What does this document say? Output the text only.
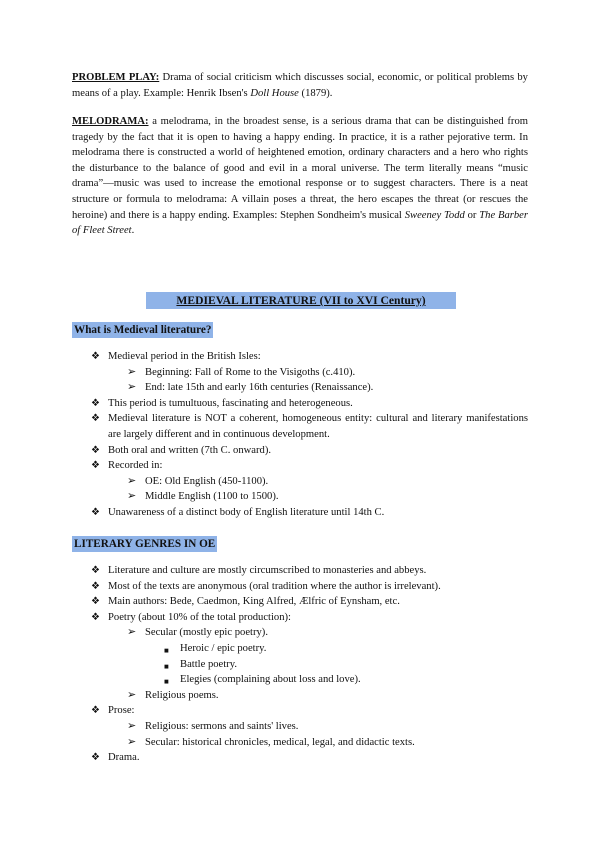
PROBLEM PLAY: Drama of social criticism which discusses social, economic, or political problems by means of a play. Example: Henrik Ibsen's Doll House (1879).

MELODRAMA: a melodrama, in the broadest sense, is a serious drama that can be distinguished from tragedy by the fact that it is open to having a happy ending. In practice, it is a rather pejorative term. In melodrama there is constructed a world of heightened emotion, ordinary characters and a hero who rights the disturbance to the balance of good and evil in a moral universe. The term literally means “music drama”—music was used to increase the emotional response or to suggest characters. There is a neat structure or formula to melodrama: A villain poses a threat, the hero escapes the threat (or rescues the heroine) and there is a happy ending. Examples: Stephen Sondheim's musical Sweeney Todd or The Barber of Fleet Street.

MEDIEVAL LITERATURE (VII to XVI Century)
What is Medieval literature?
❖ Medieval period in the British Isles:
➢ Beginning: Fall of Rome to the Visigoths (c.410).
➢ End: late 15th and early 16th centuries (Renaissance).
❖ This period is tumultuous, fascinating and heterogeneous.
❖ Medieval literature is NOT a coherent, homogeneous entity: cultural and literary manifestations are largely different and in continuous development.
❖ Both oral and written (7th C. onward).
❖ Recorded in:
➢ OE: Old English (450-1100).
➢ Middle English (1100 to 1500).
❖ Unawareness of a distinct body of English literature until 14th C.
LITERARY GENRES IN OE
❖ Literature and culture are mostly circumscribed to monasteries and abbeys.
❖ Most of the texts are anonymous (oral tradition where the author is irrelevant).
❖ Main authors: Bede, Caedmon, King Alfred, Ælfric of Eynsham, etc.
❖ Poetry (about 10% of the total production):
➢ Secular (mostly epic poetry).
■ Heroic / epic poetry.
■ Battle poetry.
■ Elegies (complaining about loss and love).
➢ Religious poems.
❖ Prose:
➢ Religious: sermons and saints' lives.
➢ Secular: historical chronicles, medical, legal, and didactic texts.
❖ Drama.
